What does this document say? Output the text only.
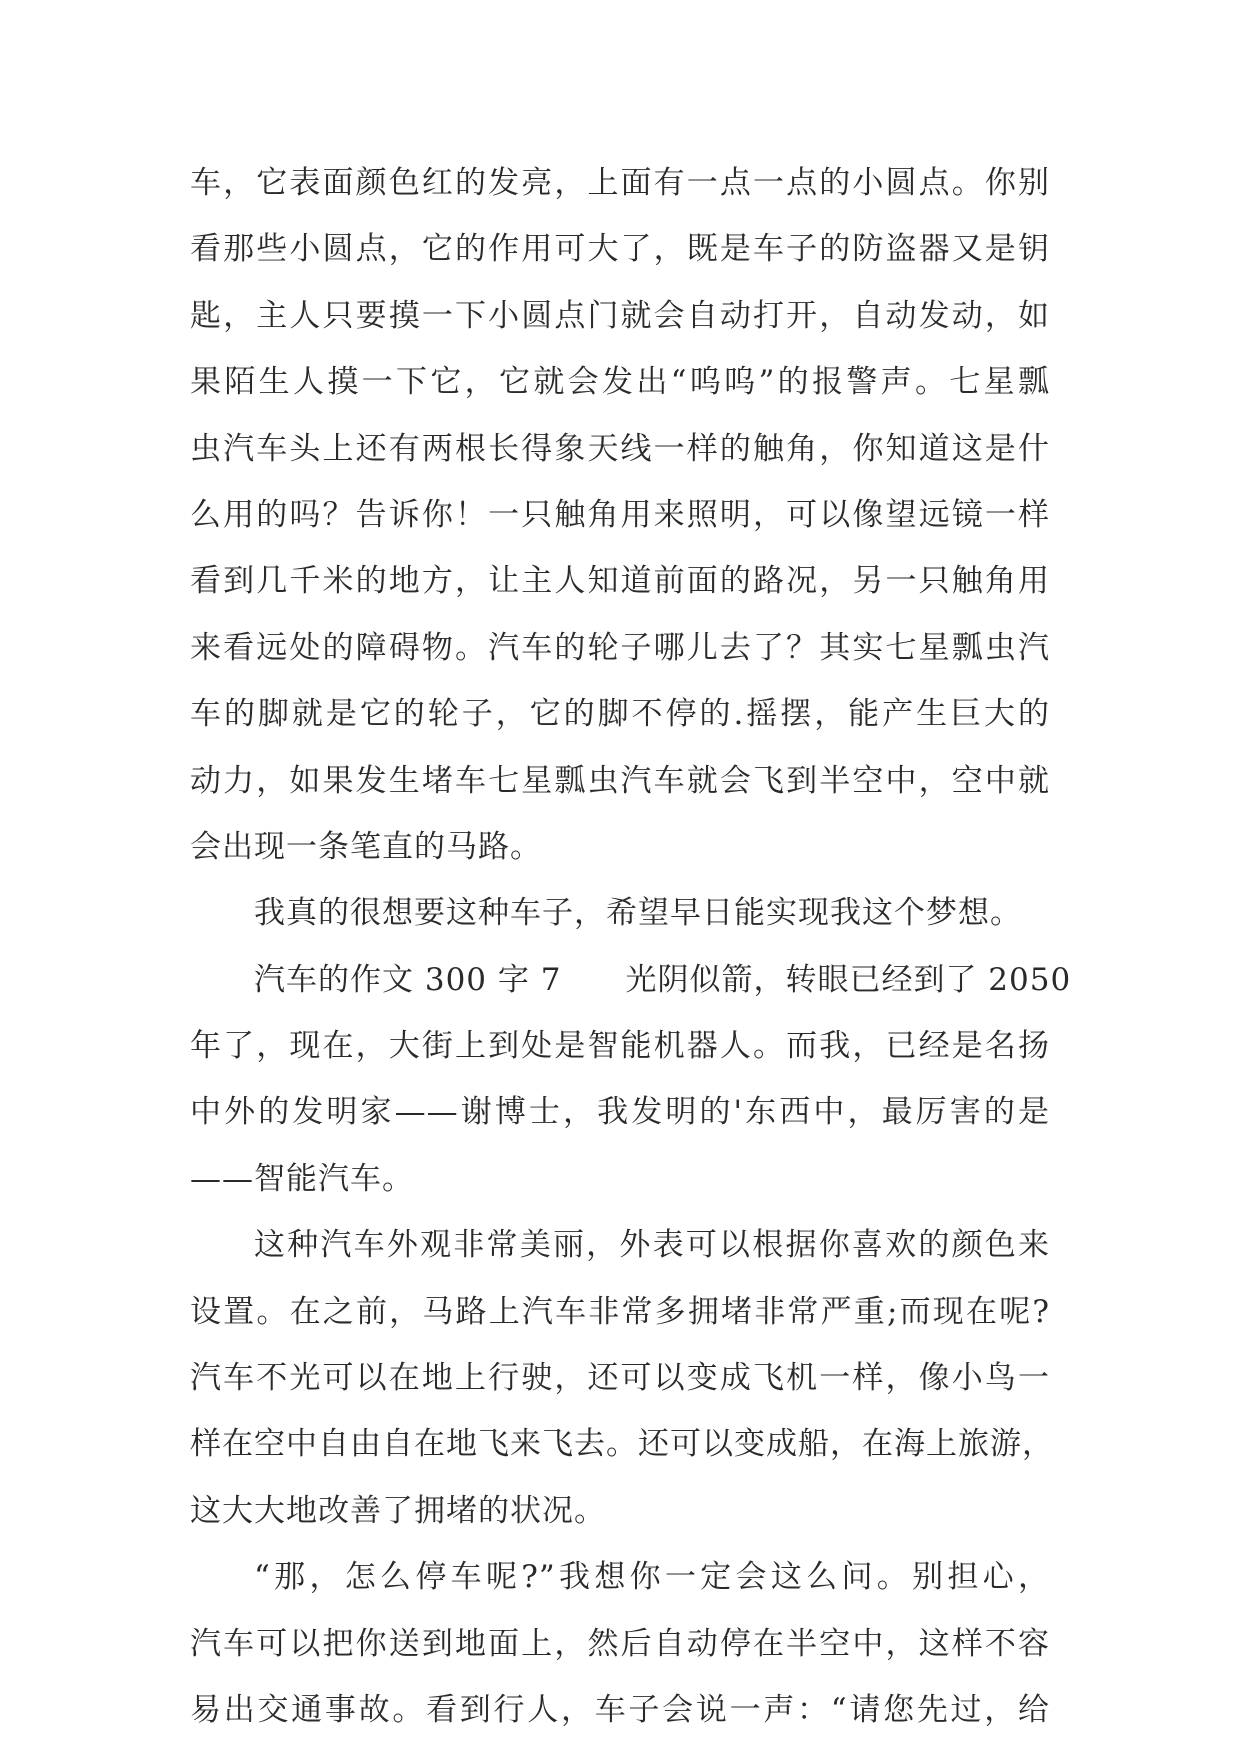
车，它表面颜色红的发亮，上面有一点一点的小圆点。你别
看那些小圆点，它的作用可大了，既是车子的防盗器又是钥
匙，主人只要摸一下小圆点门就会自动打开，自动发动，如
果陌生人摸一下它，它就会发出“呜呜”的报警声。七星瓢
虫汽车头上还有两根长得象天线一样的触角，你知道这是什
么用的吗？告诉你！一只触角用来照明，可以像望远镜一样
看到几千米的地方，让主人知道前面的路况，另一只触角用
来看远处的障碍物。汽车的轮子哪儿去了？其实七星瓢虫汽
车的脚就是它的轮子，它的脚不停的.摇摆，能产生巨大的
动力，如果发生堵车七星瓢虫汽车就会飞到半空中，空中就
会出现一条笔直的马路。
我真的很想要这种车子，希望早日能实现我这个梦想。
汽车的作文 300 字 7　　光阴似箭，转眼已经到了 2050
年了，现在，大街上到处是智能机器人。而我，已经是名扬
中外的发明家——谢博士，我发明的'东西中，最厉害的是
——智能汽车。
这种汽车外观非常美丽，外表可以根据你喜欢的颜色来
设置。在之前，马路上汽车非常多拥堵非常严重;而现在呢?
汽车不光可以在地上行驶，还可以变成飞机一样，像小鸟一
样在空中自由自在地飞来飞去。还可以变成船，在海上旅游，
这大大地改善了拥堵的状况。
“那，怎么停车呢?”我想你一定会这么问。别担心，
汽车可以把你送到地面上，然后自动停在半空中，这样不容
易出交通事故。看到行人，车子会说一声：“请您先过，给
